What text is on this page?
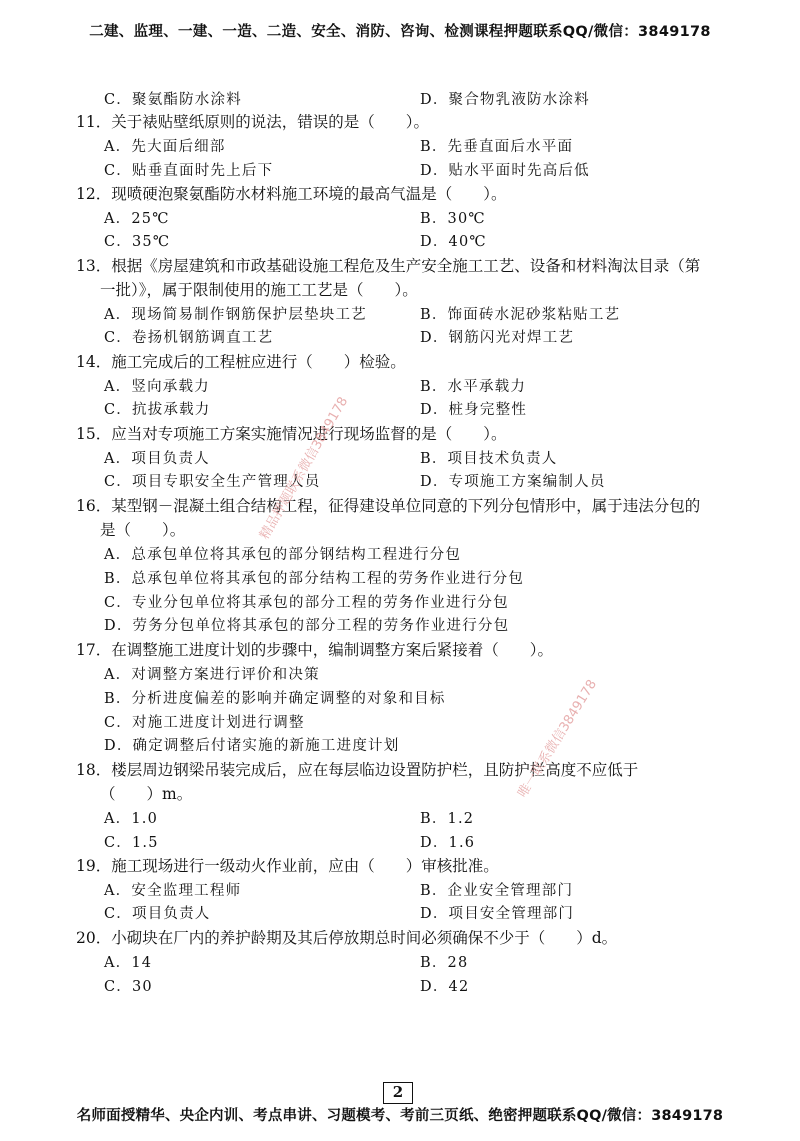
二建、监理、一建、一造、二造、安全、消防、咨询、检测课程押题联系QQ/微信：3849178
C．聚氨酯防水涂料	D．聚合物乳液防水涂料
11．关于裱贴壁纸原则的说法，错误的是（　　）。
A．先大面后细部	B．先垂直面后水平面
C．贴垂直面时先上后下	D．贴水平面时先高后低
12．现喷硬泡聚氨酯防水材料施工环境的最高气温是（　　）。
A．25℃	B．30℃
C．35℃	D．40℃
13．根据《房屋建筑和市政基础设施工程危及生产安全施工工艺、设备和材料淘汰目录（第
一批）》，属于限制使用的施工工艺是（　　）。
A．现场简易制作钢筋保护层垫块工艺	B．饰面砖水泥砂浆粘贴工艺
C．卷扬机钢筋调直工艺	D．钢筋闪光对焊工艺
14．施工完成后的工程桩应进行（　　）检验。
A．竖向承载力	B．水平承载力
C．抗拔承载力	D．桩身完整性
15．应当对专项施工方案实施情况进行现场监督的是（　　）。
A．项目负责人	B．项目技术负责人
C．项目专职安全生产管理人员	D．专项施工方案编制人员
16．某型钢－混凝土组合结构工程，征得建设单位同意的下列分包情形中，属于违法分包的
是（　　）。
A．总承包单位将其承包的部分钢结构工程进行分包
B．总承包单位将其承包的部分结构工程的劳务作业进行分包
C．专业分包单位将其承包的部分工程的劳务作业进行分包
D．劳务分包单位将其承包的部分工程的劳务作业进行分包
17．在调整施工进度计划的步骤中，编制调整方案后紧接着（　　）。
A．对调整方案进行评价和决策
B．分析进度偏差的影响并确定调整的对象和目标
C．对施工进度计划进行调整
D．确定调整后付诸实施的新施工进度计划
18．楼层周边钢梁吊装完成后，应在每层临边设置防护栏，且防护栏高度不应低于
（　　）m。
A．1.0	B．1.2
C．1.5	D．1.6
19．施工现场进行一级动火作业前，应由（　　）审核批准。
A．安全监理工程师	B．企业安全管理部门
C．项目负责人	D．项目安全管理部门
20．小砌块在厂内的养护龄期及其后停放期总时间必须确保不少于（　　）d。
A．14	B．28
C．30	D．42
精品押题联系微信3849178
唯一联系微信3849178
2
名师面授精华、央企内训、考点串讲、习题模考、考前三页纸、绝密押题联系QQ/微信：3849178
